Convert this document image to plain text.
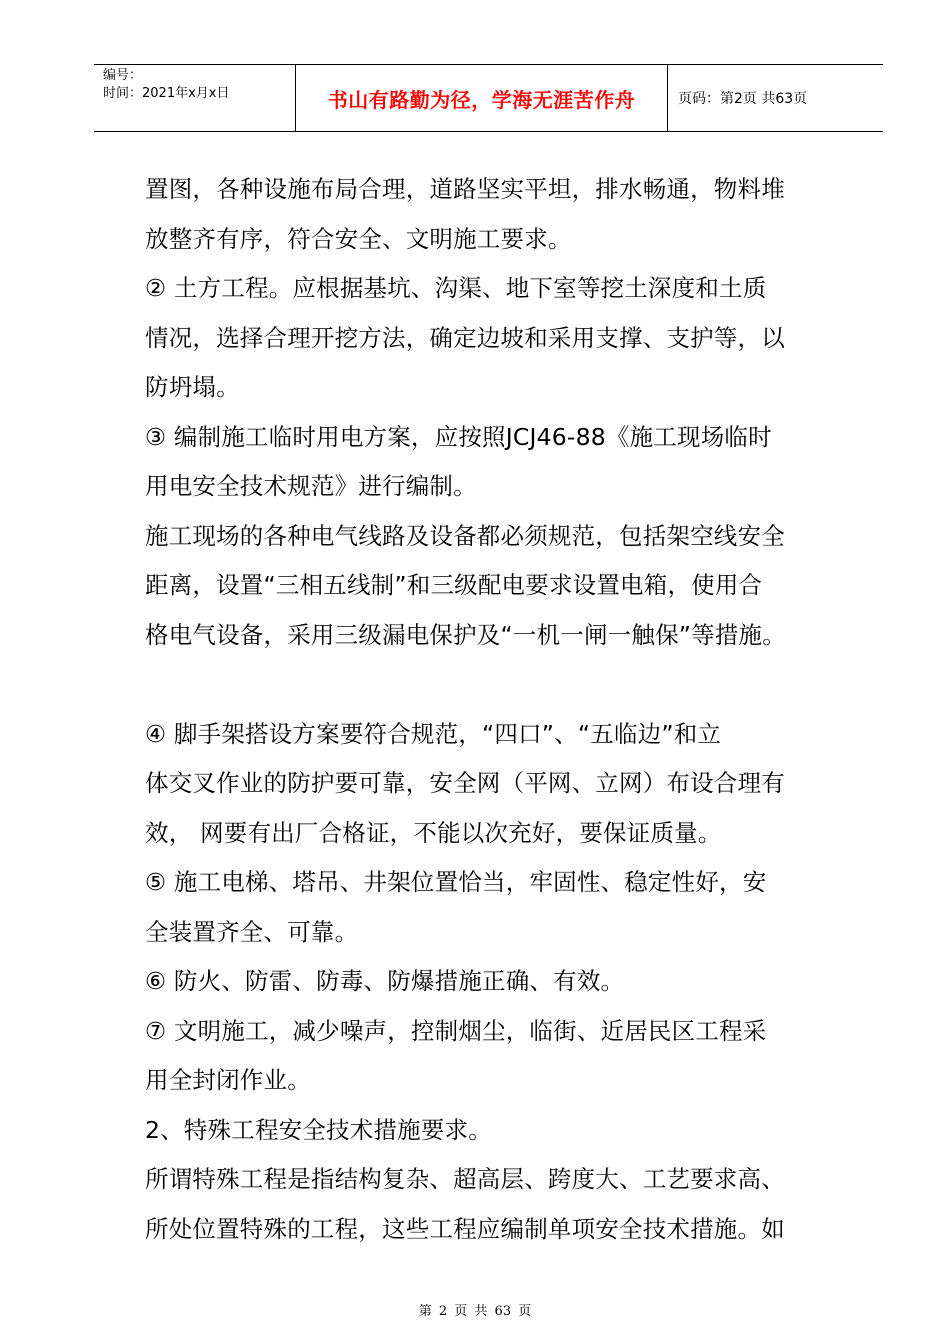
编号：
时间：2021年x月x日	书山有路勤为径，学海无涯苦作舟	页码：第2页 共63页
置图，各种设施布局合理，道路坚实平坦，排水畅通，物料堆
放整齐有序，符合安全、文明施工要求。
② 土方工程。应根据基坑、沟渠、地下室等挖土深度和土质
情况，选择合理开挖方法，确定边坡和采用支撑、支护等，以
防坍塌。
③ 编制施工临时用电方案，应按照JCJ46-88《施工现场临时
用电安全技术规范》进行编制。
施工现场的各种电气线路及设备都必须规范，包括架空线安全
距离，设置“三相五线制”和三级配电要求设置电箱，使用合
格电气设备，采用三级漏电保护及“一机一闸一触保”等措施。
④ 脚手架搭设方案要符合规范，“四口”、“五临边”和立
体交叉作业的防护要可靠，安全网（平网、立网）布设合理有
效， 网要有出厂合格证，不能以次充好，要保证质量。
⑤ 施工电梯、塔吊、井架位置恰当，牢固性、稳定性好，安
全装置齐全、可靠。
⑥ 防火、防雷、防毒、防爆措施正确、有效。
⑦ 文明施工，减少噪声，控制烟尘，临街、近居民区工程采
用全封闭作业。
2、特殊工程安全技术措施要求。
所谓特殊工程是指结构复杂、超高层、跨度大、工艺要求高、
所处位置特殊的工程，这些工程应编制单项安全技术措施。如
第 2 页 共 63 页
